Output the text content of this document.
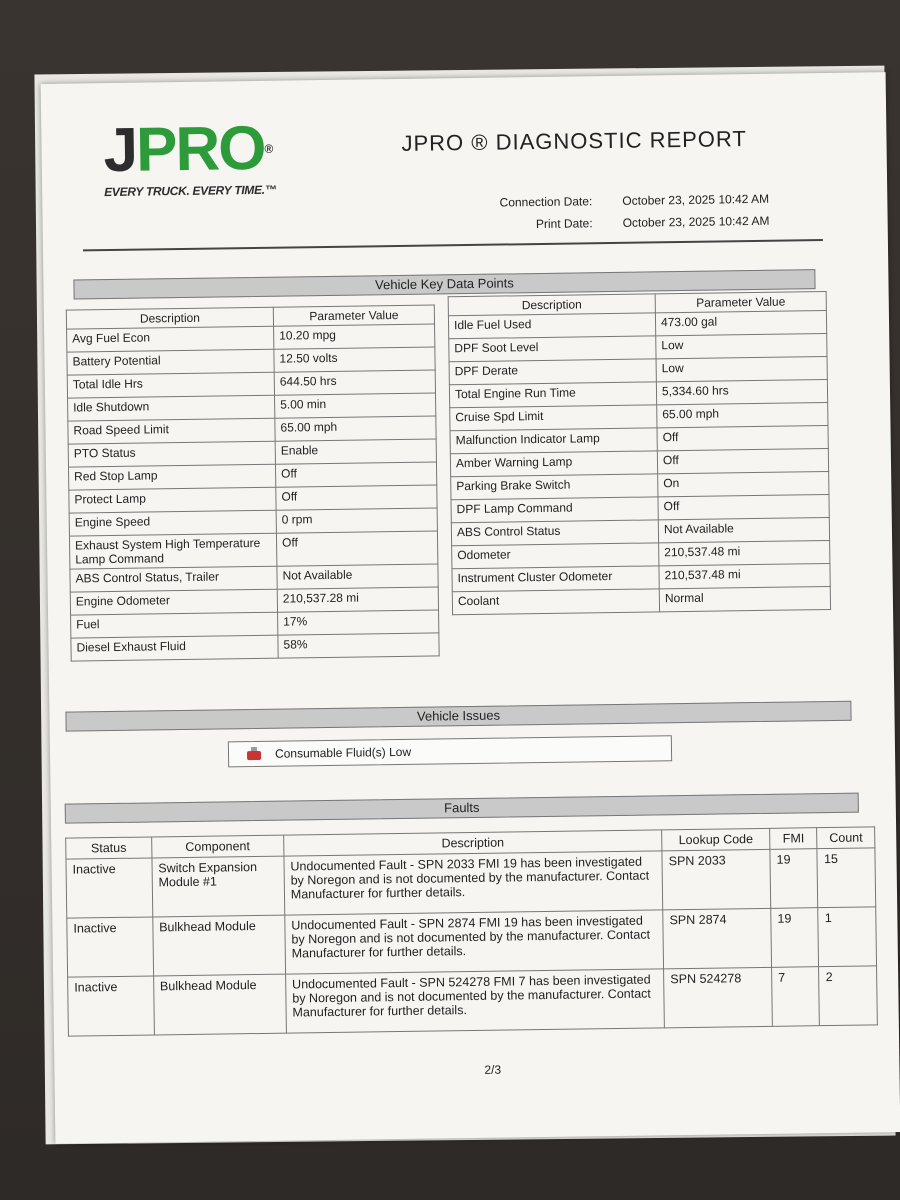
JPRO®
EVERY TRUCK. EVERY TIME.™
JPRO ® DIAGNOSTIC REPORT
Connection Date:	October 23, 2025 10:42 AM
Print Date:	October 23, 2025 10:42 AM
Vehicle Key Data Points
Description	Parameter Value
Avg Fuel Econ	10.20 mpg
Battery Potential	12.50 volts
Total Idle Hrs	644.50 hrs
Idle Shutdown	5.00 min
Road Speed Limit	65.00 mph
PTO Status	Enable
Red Stop Lamp	Off
Protect Lamp	Off
Engine Speed	0 rpm
Exhaust System High Temperature Lamp Command	Off
ABS Control Status, Trailer	Not Available
Engine Odometer	210,537.28 mi
Fuel	17%
Diesel Exhaust Fluid	58%
Description	Parameter Value
Idle Fuel Used	473.00 gal
DPF Soot Level	Low
DPF Derate	Low
Total Engine Run Time	5,334.60 hrs
Cruise Spd Limit	65.00 mph
Malfunction Indicator Lamp	Off
Amber Warning Lamp	Off
Parking Brake Switch	On
DPF Lamp Command	Off
ABS Control Status	Not Available
Odometer	210,537.48 mi
Instrument Cluster Odometer	210,537.48 mi
Coolant	Normal
Vehicle Issues
Consumable Fluid(s) Low
Faults
Status	Component	Description	Lookup Code	FMI	Count
Inactive	Switch Expansion Module #1	Undocumented Fault - SPN 2033 FMI 19 has been investigated by Noregon and is not documented by the manufacturer. Contact Manufacturer for further details.	SPN 2033	19	15
Inactive	Bulkhead Module	Undocumented Fault - SPN 2874 FMI 19 has been investigated by Noregon and is not documented by the manufacturer. Contact Manufacturer for further details.	SPN 2874	19	1
Inactive	Bulkhead Module	Undocumented Fault - SPN 524278 FMI 7 has been investigated by Noregon and is not documented by the manufacturer. Contact Manufacturer for further details.	SPN 524278	7	2
2/3
